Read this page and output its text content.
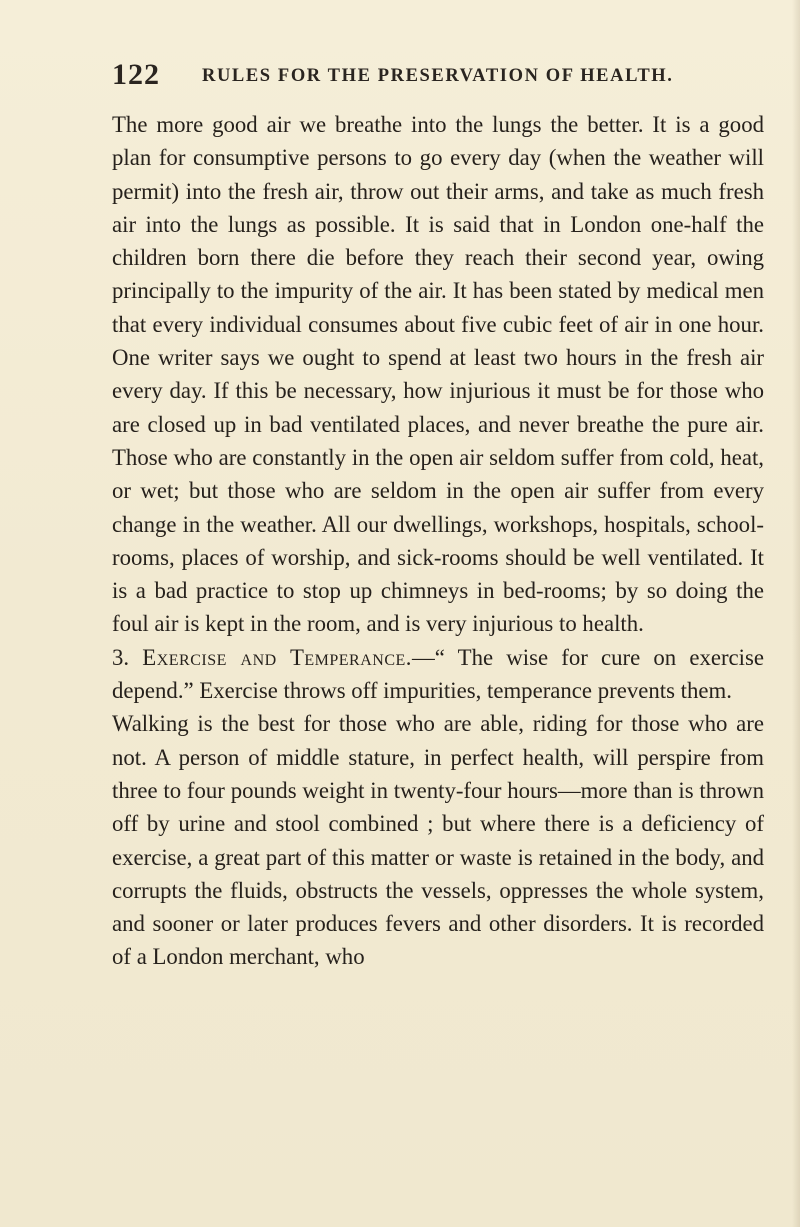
122 RULES FOR THE PRESERVATION OF HEALTH.

The more good air we breathe into the lungs the better. It is a good plan for consumptive persons to go every day (when the weather will permit) into the fresh air, throw out their arms, and take as much fresh air into the lungs as possible. It is said that in London one-half the children born there die before they reach their second year, owing principally to the impurity of the air. It has been stated by medical men that every individual consumes about five cubic feet of air in one hour. One writer says we ought to spend at least two hours in the fresh air every day. If this be necessary, how injurious it must be for those who are closed up in bad ventilated places, and never breathe the pure air. Those who are constantly in the open air seldom suffer from cold, heat, or wet; but those who are seldom in the open air suffer from every change in the weather. All our dwellings, workshops, hospitals, school-rooms, places of worship, and sick-rooms should be well ventilated. It is a bad practice to stop up chimneys in bed-rooms; by so doing the foul air is kept in the room, and is very injurious to health.

3. Exercise and Temperance.—“ The wise for cure on exercise depend.” Exercise throws off impurities, temperance prevents them.

Walking is the best for those who are able, riding for those who are not. A person of middle stature, in perfect health, will perspire from three to four pounds weight in twenty-four hours—more than is thrown off by urine and stool combined ; but where there is a deficiency of exercise, a great part of this matter or waste is retained in the body, and corrupts the fluids, obstructs the vessels, oppresses the whole system, and sooner or later produces fevers and other disorders. It is recorded of a London merchant, who
